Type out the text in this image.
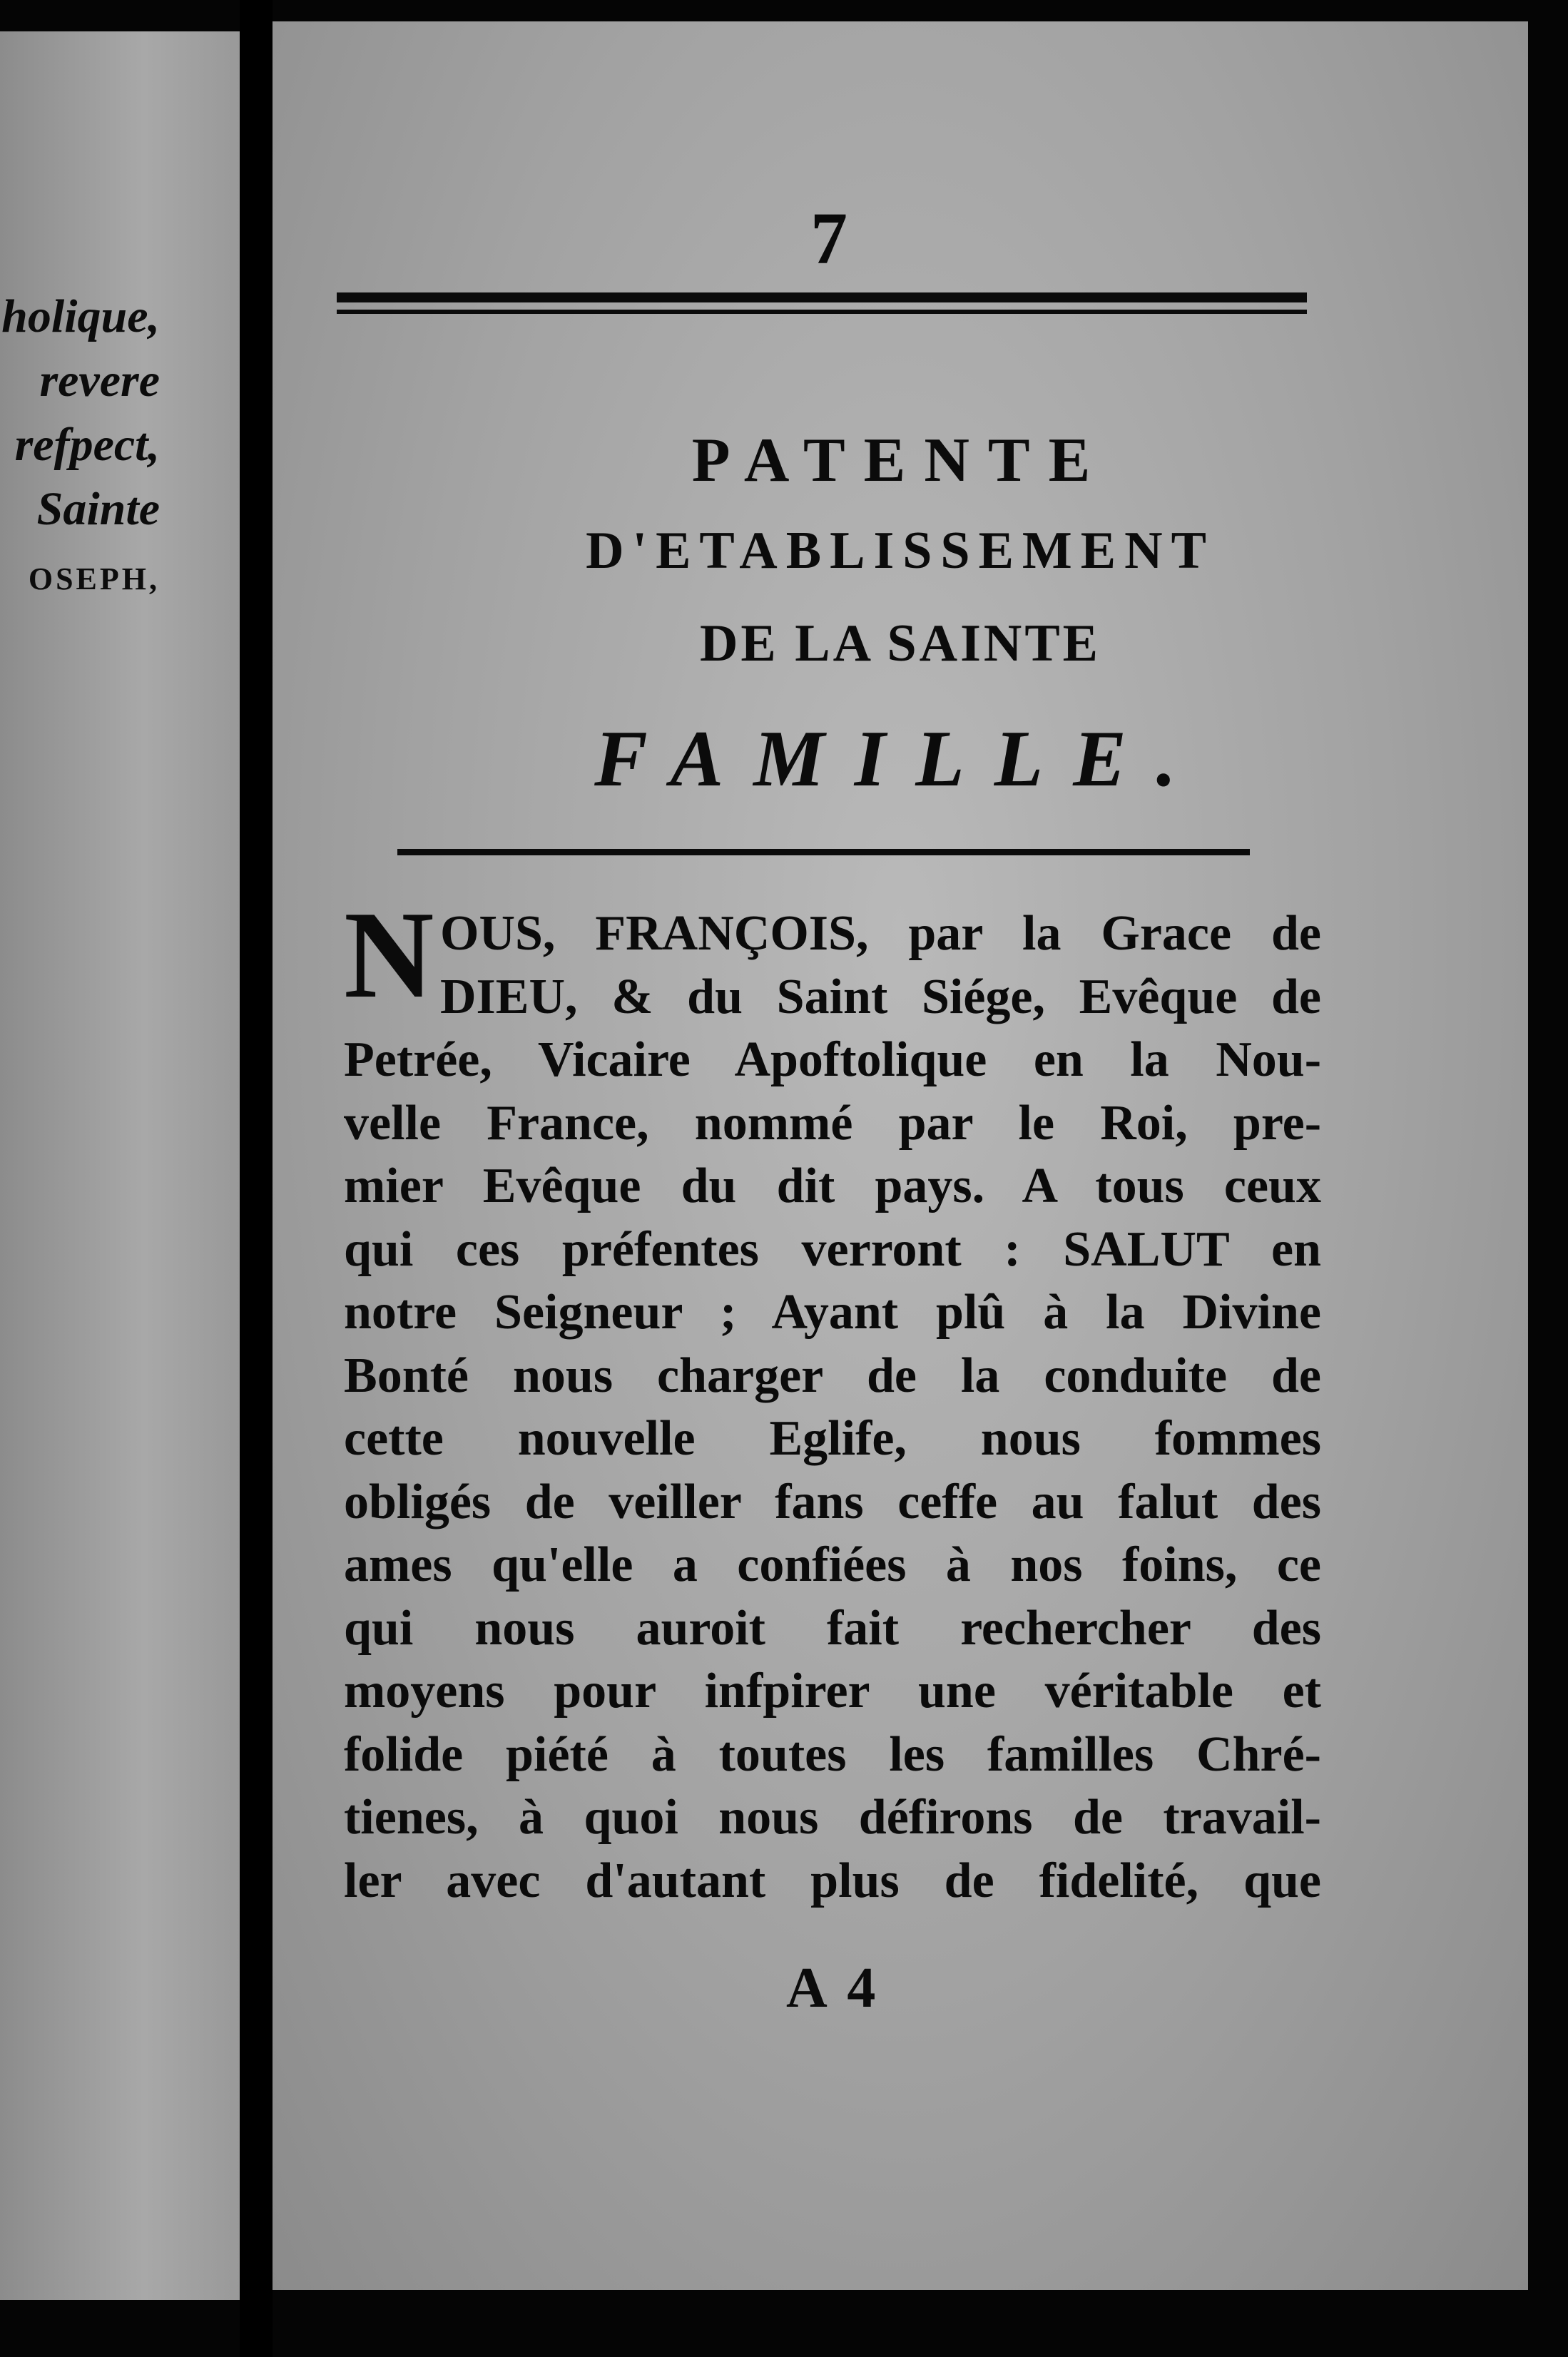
holique,
revere
refpect,
Sainte
OSEPH,
7
PATENTE
D'ETABLISSEMENT
DE LA SAINTE
FAMILLE.
N OUS, FRANÇOIS, par la Grace de
DIEU, & du Saint Siége, Evêque de
Petrée, Vicaire Apoftolique en la Nou-
velle France, nommé par le Roi, pre-
mier Evêque du dit pays. A tous ceux
qui ces préfentes verront : SALUT en
notre Seigneur ; Ayant plû à la Divine
Bonté nous charger de la conduite de
cette nouvelle Eglife, nous fommes
obligés de veiller fans ceffe au falut des
ames qu'elle a confiées à nos foins, ce
qui nous auroit fait rechercher des
moyens pour infpirer une véritable et
folide piété à toutes les familles Chré-
tienes, à quoi nous défirons de travail-
ler avec d'autant plus de fidelité, que
A 4
